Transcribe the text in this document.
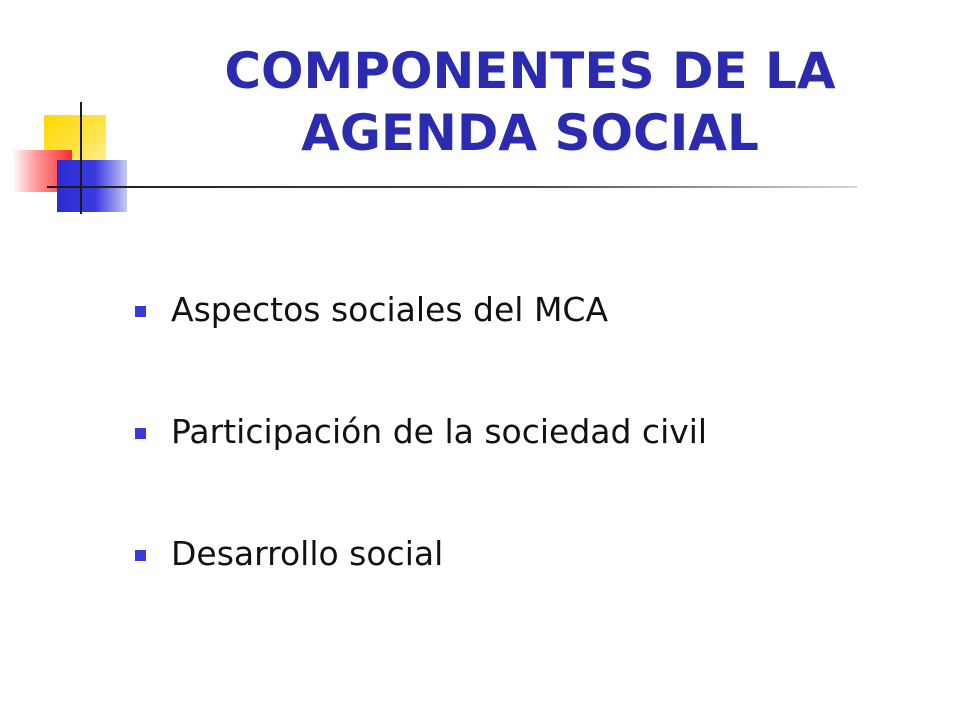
COMPONENTES DE LA
AGENDA SOCIAL
Aspectos sociales del MCA
Participación de la sociedad civil
Desarrollo social
